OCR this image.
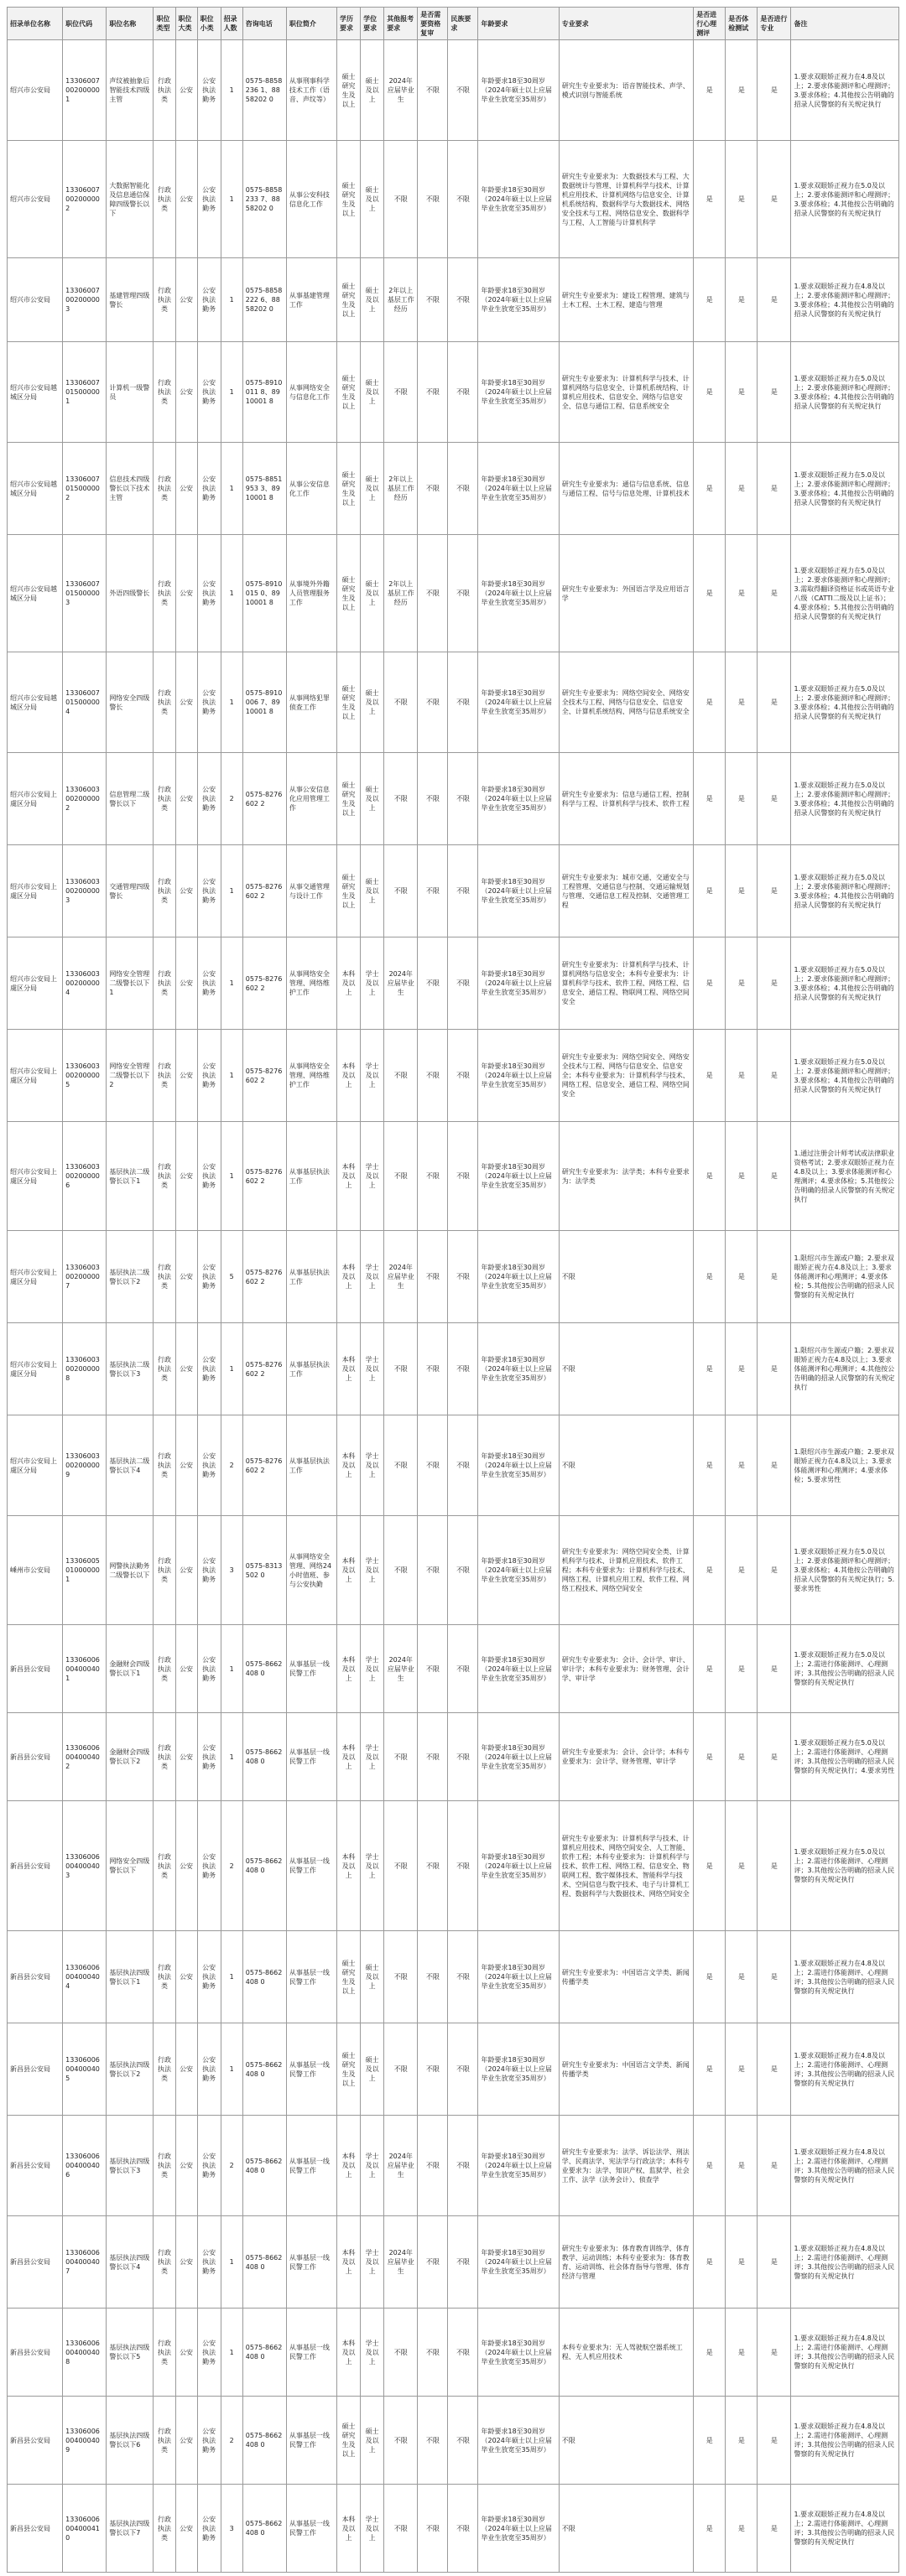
招录单位名称	职位代码	职位名称	职位类型	职位大类	职位小类	招录人数	咨询电话	职位简介	学历要求	学位要求	其他报考要求	是否需要资格复审	民族要求	年龄要求	专业要求	是否进行心理测评	是否体检测试	是否进行专业	备注
绍兴市公安局	13306007002000001	声纹被抽象后智能技术四级主管	行政执法类	公安	公安执法勤务	1	0575-8858236 1、8858202 0	从事刑事科学技术工作（语音、声纹等）	硕士研究生及以上	硕士及以上	2024年应届毕业生	不限	不限	年龄要求18至30周岁（2024年硕士以上应届毕业生放宽至35周岁）	研究生专业要求为：语音智能技术、声学、模式识别与智能系统	是	是	是	1.要求双眼矫正视力在4.8及以上；2.要求体能测评和心理测评；3.要求体检；4.其他按公告明确的招录人民警察的有关规定执行
绍兴市公安局	13306007002000002	大数据智能化及信息通信保障四级警长以下	行政执法类	公安	公安执法勤务	1	0575-8858233 7、8858202 0	从事公安科技信息化工作	硕士研究生及以上	硕士及以上	不限	不限	不限	年龄要求18至30周岁（2024年硕士以上应届毕业生放宽至35周岁）	研究生专业要求为：大数据技术与工程、大数据统计与管理、计算机科学与技术、计算机应用技术、计算机网络与信息安全、计算机系统结构、数据科学与大数据技术、网络安全技术与工程、网络信息安全、数据科学与工程、人工智能与计算机科学	是	是	是	1.要求双眼矫正视力在5.0及以上；2.要求体能测评和心理测评；3.要求体检；4.其他按公告明确的招录人民警察的有关规定执行
绍兴市公安局	13306007002000003	基建管理四级警长	行政执法类	公安	公安执法勤务	1	0575-8858222 6、8858202 0	从事基建管理工作	硕士研究生及以上	硕士及以上	2年以上基层工作经历	不限	不限	年龄要求18至30周岁（2024年硕士以上应届毕业生放宽至35周岁）	研究生专业要求为：建设工程管理、建筑与土木工程、土木工程、建造与管理	是	是	是	1.要求双眼矫正视力在4.8及以上；2.要求体能测评和心理测评；3.要求体检；4.其他按公告明确的招录人民警察的有关规定执行
绍兴市公安局越城区分局	13306007015000001	计算机一级警员	行政执法类	公安	公安执法勤务	1	0575-8910011 8、8910001 8	从事网络安全与信息化工作	硕士研究生及以上	硕士及以上	不限	不限	不限	年龄要求18至30周岁（2024年硕士以上应届毕业生放宽至35周岁）	研究生专业要求为：计算机科学与技术、计算机网络与信息安全、计算机系统结构、计算机应用技术、信息安全、网络与信息安全、信息与通信工程、信息系统安全	是	是	是	1.要求双眼矫正视力在5.0及以上；2.要求体能测评和心理测评；3.要求体检；4.其他按公告明确的招录人民警察的有关规定执行
绍兴市公安局越城区分局	13306007015000002	信息技术四级警长以下技术主管	行政执法类	公安	公安执法勤务	1	0575-8851953 3、8910001 8	从事公安信息化工作	硕士研究生及以上	硕士及以上	2年以上基层工作经历	不限	不限	年龄要求18至30周岁（2024年硕士以上应届毕业生放宽至35周岁）	研究生专业要求为：通信与信息系统、信息与通信工程、信号与信息处理、计算机技术	是	是	是	1.要求双眼矫正视力在5.0及以上；2.要求体能测评和心理测评；3.要求体检；4.其他按公告明确的招录人民警察的有关规定执行
绍兴市公安局越城区分局	13306007015000003	外语四级警长	行政执法类	公安	公安执法勤务	1	0575-8910015 0、8910001 8	从事境外外籍人员管理服务工作	硕士研究生及以上	硕士及以上	2年以上基层工作经历	不限	不限	年龄要求18至30周岁（2024年硕士以上应届毕业生放宽至35周岁）	研究生专业要求为：外国语言学及应用语言学	是	是	是	1.要求双眼矫正视力在5.0及以上；2.要求体能测评和心理测评；3.需取得翻译资格证书或英语专业八级（CATTI二级及以上证书）；4.要求体检；5.其他按公告明确的招录人民警察的有关规定执行
绍兴市公安局越城区分局	13306007015000004	网络安全四级警长	行政执法类	公安	公安执法勤务	1	0575-8910006 7、8910001 8	从事网络犯罪侦查工作	硕士研究生及以上	硕士及以上	不限	不限	不限	年龄要求18至30周岁（2024年硕士以上应届毕业生放宽至35周岁）	研究生专业要求为：网络空间安全、网络安全技术与工程、网络与信息安全、信息安全、计算机系统结构、网络与信息系统安全	是	是	是	1.要求双眼矫正视力在5.0及以上；2.要求体能测评和心理测评；3.要求体检；4.其他按公告明确的招录人民警察的有关规定执行
绍兴市公安局上虞区分局	13306003002000002	信息管理二级警长以下	行政执法类	公安	公安执法勤务	2	0575-8276602 2	从事公安信息化应用管理工作	硕士研究生及以上	硕士及以上	不限	不限	不限	年龄要求18至30周岁（2024年硕士以上应届毕业生放宽至35周岁）	研究生专业要求为：信息与通信工程、控制科学与工程、计算机科学与技术、软件工程	是	是	是	1.要求双眼矫正视力在5.0及以上；2.要求体能测评和心理测评；3.要求体检；4.其他按公告明确的招录人民警察的有关规定执行
绍兴市公安局上虞区分局	13306003002000003	交通管理四级警长	行政执法类	公安	公安执法勤务	1	0575-8276602 2	从事交通管理与设计工作	硕士研究生及以上	硕士及以上	不限	不限	不限	年龄要求18至30周岁（2024年硕士以上应届毕业生放宽至35周岁）	研究生专业要求为：城市交通、交通安全与工程管理、交通信息与控制、交通运输规划与管理、交通信息工程及控制、交通管理工程	是	是	是	1.要求双眼矫正视力在5.0及以上；2.要求体能测评和心理测评；3.要求体检；4.其他按公告明确的招录人民警察的有关规定执行
绍兴市公安局上虞区分局	13306003002000004	网络安全管理二级警长以下1	行政执法类	公安	公安执法勤务	1	0575-8276602 2	从事网络安全管理、网络维护工作	本科及以上	学士及以上	2024年应届毕业生	不限	不限	年龄要求18至30周岁（2024年硕士以上应届毕业生放宽至35周岁）	研究生专业要求为：计算机科学与技术、计算机网络与信息安全；本科专业要求为：计算机科学与技术、软件工程、网络工程、信息安全、通信工程、物联网工程、网络空间安全	是	是	是	1.要求双眼矫正视力在5.0及以上；2.要求体能测评和心理测评；3.要求体检；4.其他按公告明确的招录人民警察的有关规定执行
绍兴市公安局上虞区分局	13306003002000005	网络安全管理二级警长以下2	行政执法类	公安	公安执法勤务	1	0575-8276602 2	从事网络安全管理、网络维护工作	本科及以上	学士及以上	不限	不限	不限	年龄要求18至30周岁（2024年硕士以上应届毕业生放宽至35周岁）	研究生专业要求为：网络空间安全、网络安全技术与工程、网络与信息安全、信息安全；本科专业要求为：计算机科学与技术、网络工程、信息安全、通信工程、网络空间安全	是	是	是	1.要求双眼矫正视力在5.0及以上；2.要求体能测评和心理测评；3.要求体检；4.其他按公告明确的招录人民警察的有关规定执行
绍兴市公安局上虞区分局	13306003002000006	基层执法二级警长以下1	行政执法类	公安	公安执法勤务	1	0575-8276602 2	从事基层执法工作	本科及以上	学士及以上	不限	不限	不限	年龄要求18至30周岁（2024年硕士以上应届毕业生放宽至35周岁）	研究生专业要求为：法学类；本科专业要求为：法学类	是	是	是	1.通过注册会计师考试或法律职业资格考试；2.要求双眼矫正视力在4.8及以上；3.要求体能测评和心理测评；4.要求体检；5.其他按公告明确的招录人民警察的有关规定执行
绍兴市公安局上虞区分局	13306003002000007	基层执法二级警长以下2	行政执法类	公安	公安执法勤务	5	0575-8276602 2	从事基层执法工作	本科及以上	学士及以上	2024年应届毕业生	不限	不限	年龄要求18至30周岁（2024年硕士以上应届毕业生放宽至35周岁）	不限	是	是	是	1.限绍兴市生源或户籍；2.要求双眼矫正视力在4.8及以上；3.要求体能测评和心理测评；4.要求体检；5.其他按公告明确的招录人民警察的有关规定执行
绍兴市公安局上虞区分局	13306003002000008	基层执法二级警长以下3	行政执法类	公安	公安执法勤务	1	0575-8276602 2	从事基层执法工作	本科及以上	学士及以上	不限	不限	不限	年龄要求18至30周岁（2024年硕士以上应届毕业生放宽至35周岁）	不限	是	是	是	1.限绍兴市生源或户籍；2.要求双眼矫正视力在4.8及以上；3.要求体能测评和心理测评；4.其他按公告明确的招录人民警察的有关规定执行
绍兴市公安局上虞区分局	13306003002000009	基层执法二级警长以下4	行政执法类	公安	公安执法勤务	2	0575-8276602 2	从事基层执法工作	本科及以上	学士及以上	不限	不限	不限	年龄要求18至30周岁（2024年硕士以上应届毕业生放宽至35周岁）	不限	是	是	是	1.限绍兴市生源或户籍；2.要求双眼矫正视力在4.8及以上；3.要求体能测评和心理测评；4.要求体检；5.要求男性
嵊州市公安局	13306005010000001	网警执法勤务二级警长以下	行政执法类	公安	公安执法勤务	3	0575-8313502 0	从事网络安全管理、网络24小时值班、参与公安执勤	本科及以上	学士及以上	不限	不限	不限	年龄要求18至30周岁（2024年硕士以上应届毕业生放宽至35周岁）	研究生专业要求为：网络空间安全类、计算机科学与技术、计算机应用技术、软件工程；本科专业要求为：计算机科学与技术、网络工程、计算机应用工程、软件工程、网络工程技术、网络空间安全	是	是	是	1.要求双眼矫正视力在5.0及以上；2.要求体能测评和心理测评；3.要求体检；4.其他按公告明确的招录人民警察的有关规定执行；5.要求男性
新昌县公安局	13306006004000401	金融财会四级警长以下1	行政执法类	公安	公安执法勤务	1	0575-8662408 0	从事基层一线民警工作	本科及以上	学士及以上	2024年应届毕业生	不限	不限	年龄要求18至30周岁（2024年硕士以上应届毕业生放宽至35周岁）	研究生专业要求为：会计、会计学、审计、审计学；本科专业要求为：财务管理、会计学、审计学	是	是	是	1.要求双眼矫正视力在5.0及以上；2.需进行体能测评、心理测评；3.其他按公告明确的招录人民警察的有关规定执行
新昌县公安局	13306006004000402	金融财会四级警长以下2	行政执法类	公安	公安执法勤务	1	0575-8662408 0	从事基层一线民警工作	本科及以上	学士及以上	不限	不限	不限	年龄要求18至30周岁（2024年硕士以上应届毕业生放宽至35周岁）	研究生专业要求为：会计、会计学；本科专业要求为：会计学、财务管理、审计学	是	是	是	1.要求双眼矫正视力在5.0及以上；2.需进行体能测评、心理测评；3.其他按公告明确的招录人民警察的有关规定执行；4.要求男性
新昌县公安局	13306006004000403	网络安全四级警长以下	行政执法类	公安	公安执法勤务	2	0575-8662408 0	从事基层一线民警工作	本科及以上	学士及以上	不限	不限	不限	年龄要求18至30周岁（2024年硕士以上应届毕业生放宽至35周岁）	研究生专业要求为：计算机科学与技术、计算机应用技术、网络空间安全、人工智能、软件工程；本科专业要求为：计算机科学与技术、软件工程、网络工程、信息安全、物联网工程、数字媒体技术、智能科学与技术、空间信息与数字技术、电子与计算机工程、数据科学与大数据技术、网络空间安全	是	是	是	1.要求双眼矫正视力在5.0及以上；2.需进行体能测评、心理测评；3.其他按公告明确的招录人民警察的有关规定执行
新昌县公安局	13306006004000404	基层执法四级警长以下1	行政执法类	公安	公安执法勤务	1	0575-8662408 0	从事基层一线民警工作	硕士研究生及以上	硕士及以上	不限	不限	不限	年龄要求18至30周岁（2024年硕士以上应届毕业生放宽至35周岁）	研究生专业要求为：中国语言文学类、新闻传播学类	是	是	是	1.要求双眼矫正视力在4.8及以上；2.需进行体能测评、心理测评；3.其他按公告明确的招录人民警察的有关规定执行
新昌县公安局	13306006004000405	基层执法四级警长以下2	行政执法类	公安	公安执法勤务	1	0575-8662408 0	从事基层一线民警工作	硕士研究生及以上	硕士及以上	不限	不限	不限	年龄要求18至30周岁（2024年硕士以上应届毕业生放宽至35周岁）	研究生专业要求为：中国语言文学类、新闻传播学类	是	是	是	1.要求双眼矫正视力在4.8及以上；2.需进行体能测评、心理测评；3.其他按公告明确的招录人民警察的有关规定执行
新昌县公安局	13306006004000406	基层执法四级警长以下3	行政执法类	公安	公安执法勤务	2	0575-8662408 0	从事基层一线民警工作	本科及以上	学士及以上	2024年应届毕业生	不限	不限	年龄要求18至30周岁（2024年硕士以上应届毕业生放宽至35周岁）	研究生专业要求为：法学、诉讼法学、刑法学、民商法学、宪法学与行政法学；本科专业要求为：法学、知识产权、监狱学、社会工作、法学（法务会计）、侦查学	是	是	是	1.要求双眼矫正视力在4.8及以上；2.需进行体能测评、心理测评；3.其他按公告明确的招录人民警察的有关规定执行
新昌县公安局	13306006004000407	基层执法四级警长以下4	行政执法类	公安	公安执法勤务	1	0575-8662408 0	从事基层一线民警工作	本科及以上	学士及以上	2024年应届毕业生	不限	不限	年龄要求18至30周岁（2024年硕士以上应届毕业生放宽至35周岁）	研究生专业要求为：体育教育训练学、体育教学、运动训练；本科专业要求为：体育教育、运动训练、社会体育指导与管理、体育经济与管理	是	是	是	1.要求双眼矫正视力在4.8及以上；2.需进行体能测评、心理测评；3.其他按公告明确的招录人民警察的有关规定执行
新昌县公安局	13306006004000408	基层执法四级警长以下5	行政执法类	公安	公安执法勤务	1	0575-8662408 0	从事基层一线民警工作	本科及以上	学士及以上	不限	不限	不限	年龄要求18至30周岁（2024年硕士以上应届毕业生放宽至35周岁）	本科专业要求为：无人驾驶航空器系统工程、无人机应用技术	是	是	是	1.要求双眼矫正视力在4.8及以上；2.需进行体能测评、心理测评；3.其他按公告明确的招录人民警察的有关规定执行
新昌县公安局	13306006004000409	基层执法四级警长以下6	行政执法类	公安	公安执法勤务	2	0575-8662408 0	从事基层一线民警工作	硕士研究生及以上	硕士及以上	不限	不限	不限	年龄要求18至30周岁（2024年硕士以上应届毕业生放宽至35周岁）	不限	是	是	是	1.要求双眼矫正视力在4.8及以上；2.需进行体能测评、心理测评；3.其他按公告明确的招录人民警察的有关规定执行
新昌县公安局	13306006004000410	基层执法四级警长以下7	行政执法类	公安	公安执法勤务	3	0575-8662408 0	从事基层一线民警工作	本科及以上	学士及以上	不限	不限	不限	年龄要求18至30周岁（2024年硕士以上应届毕业生放宽至35周岁）	不限	是	是	是	1.要求双眼矫正视力在4.8及以上；2.需进行体能测评、心理测评；3.其他按公告明确的招录人民警察的有关规定执行
